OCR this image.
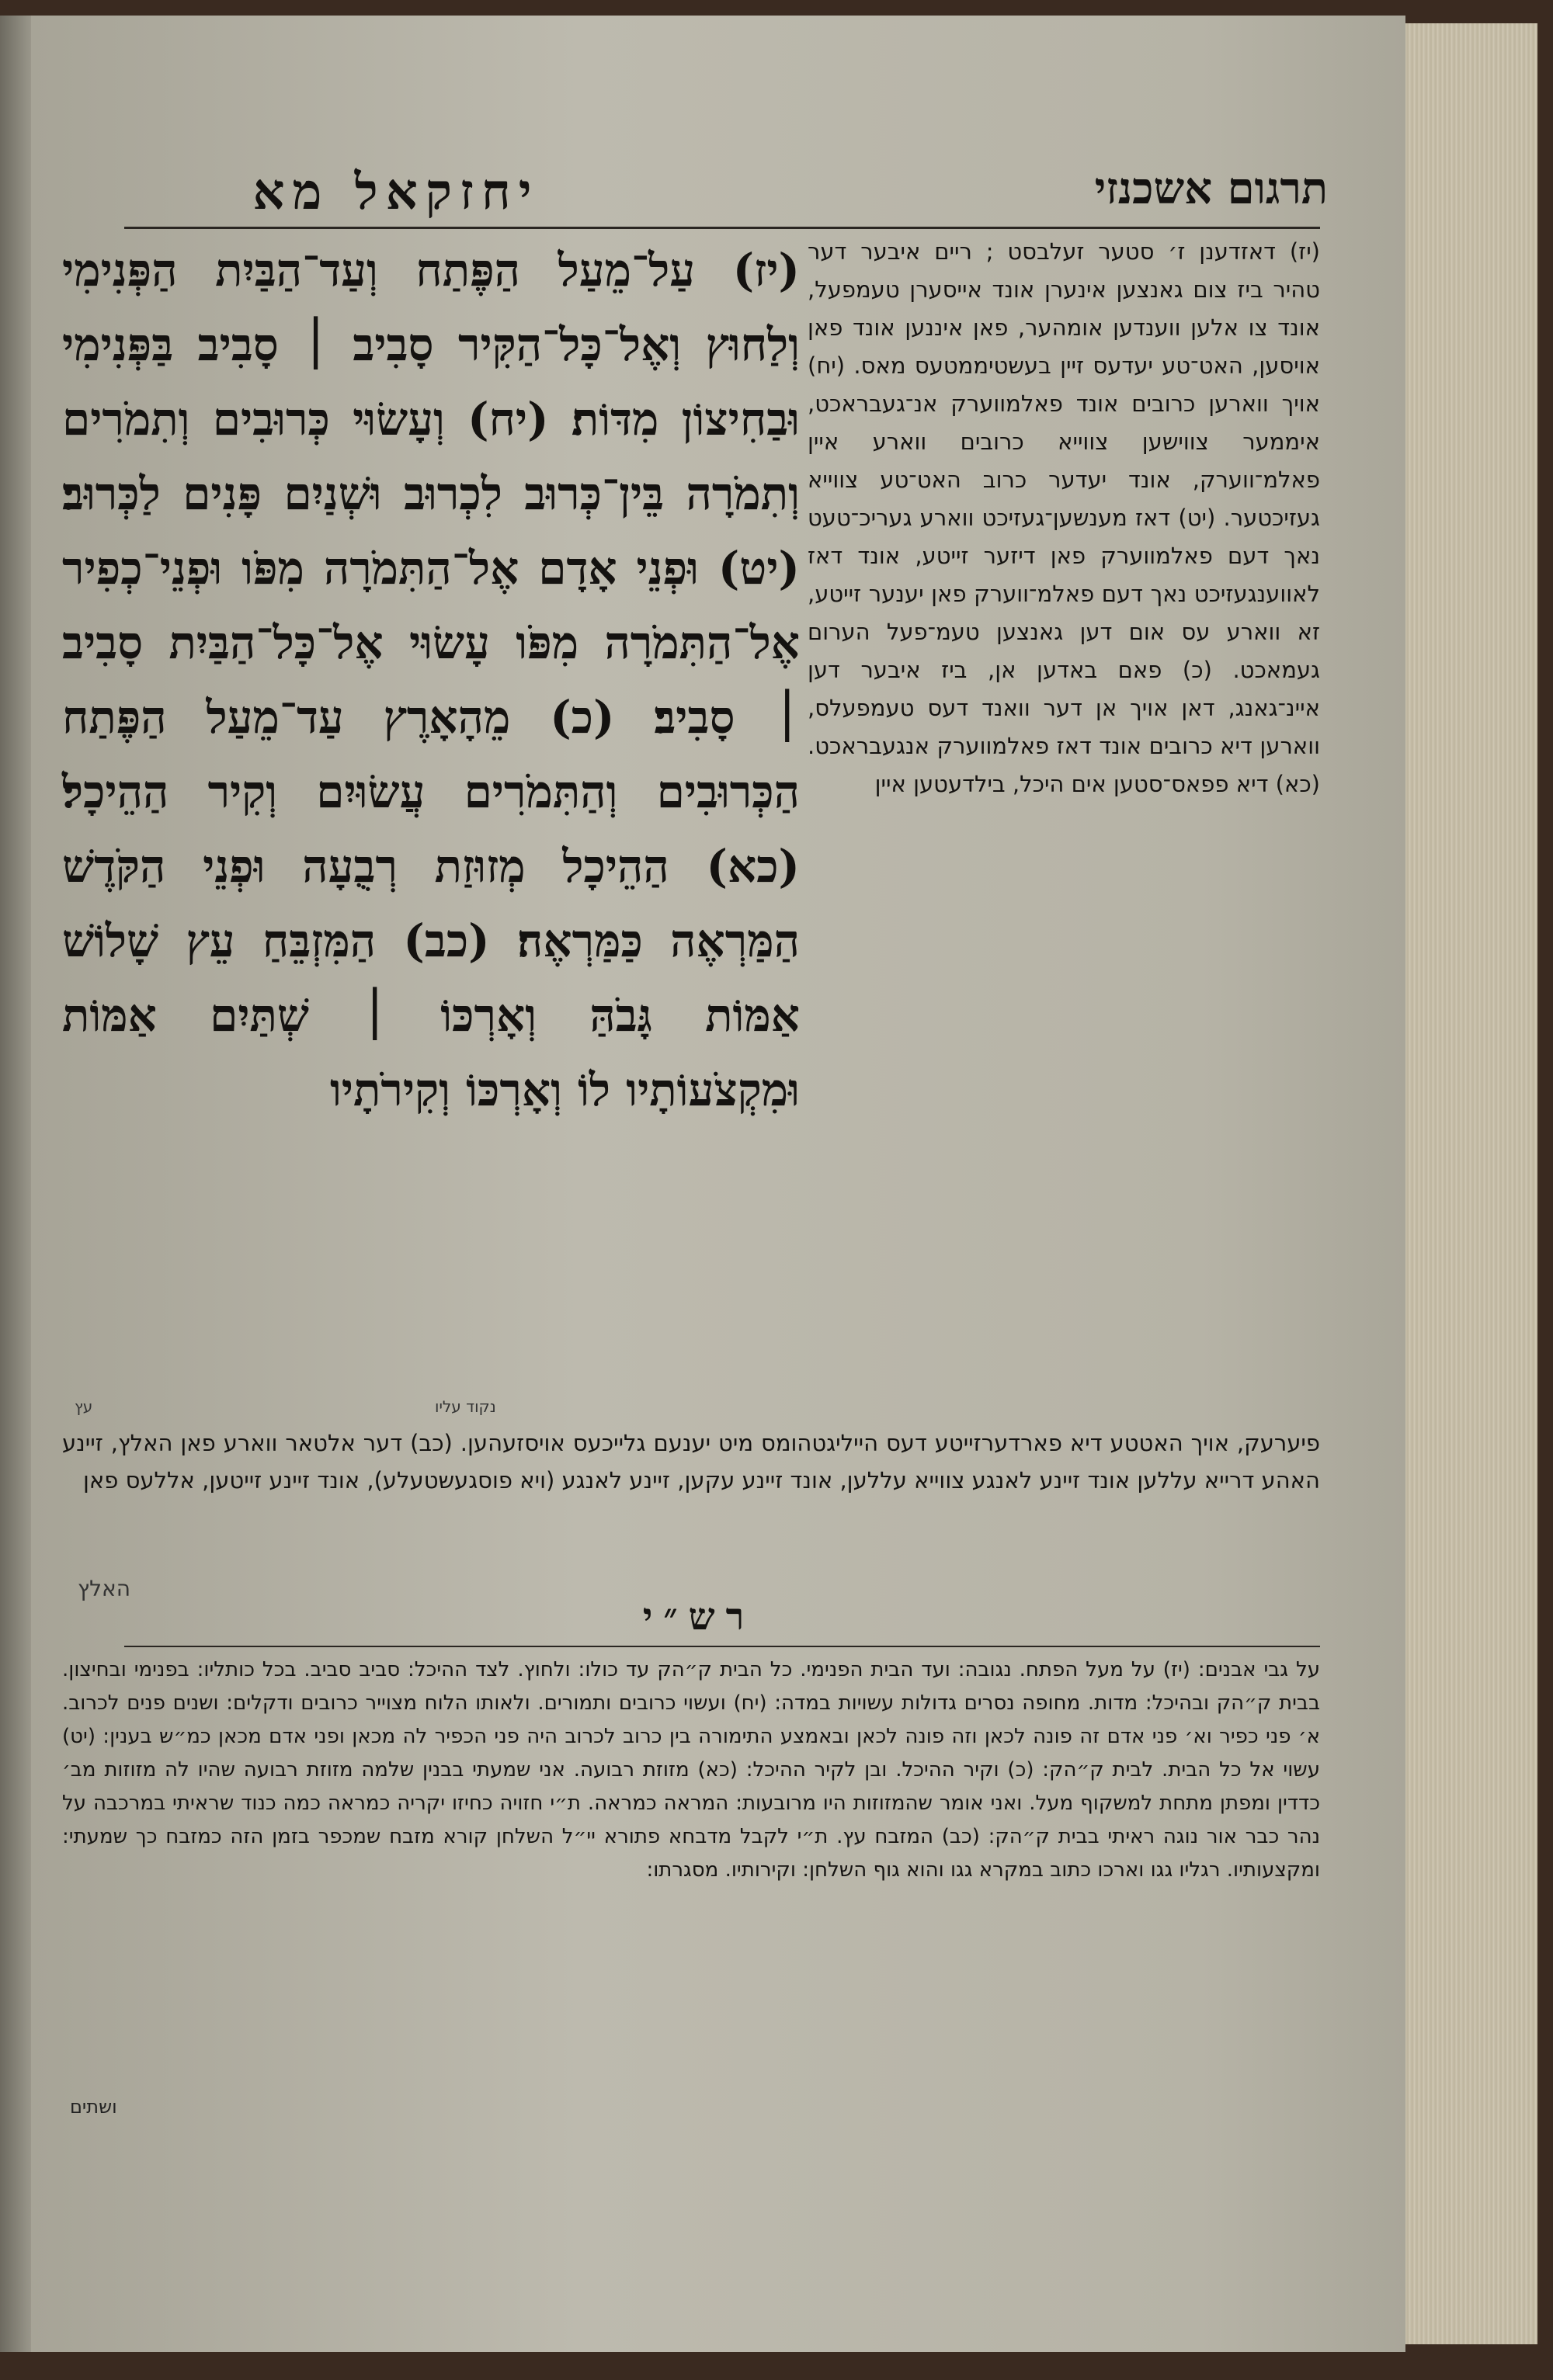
תרגום אשכנזי
יחזקאל מא
(יז) עַל־מֵעַל הַפֶּתַח וְעַד־הַבַּיִת הַפְּנִימִי וְלַחוּץ וְאֶל־כָּל־הַקִּיר סָבִיב ׀ סָבִיב בַּפְּנִימִי וּבַחִיצוֹן מִדּוֹת׃ (יח) וְעָשׂוּי כְּרוּבִים וְתִמֹרִים וְתִמֹרָה בֵּין־כְּרוּב לִכְרוּב וּשְׁנַיִם פָּנִים לַכְּרוּב׃ (יט) וּפְנֵי אָדָם אֶל־הַתִּמֹרָה מִפֹּו וּפְנֵי־כְפִיר אֶל־הַתִּמֹרָה מִפֹּו עָשׂוּי אֶל־כָּל־הַבַּיִת סָבִיב ׀ סָבִיב׃ (כ) מֵהָאָרֶץ עַד־מֵעַל הַפֶּתַח הַכְּרוּבִים וְהַתִּמֹרִים עֲשׂוּיִם וְקִיר הַהֵיכָל׃ (כא) הַהֵיכָל מְזוּזַת רְבֻעָה וּפְנֵי הַקֹּדֶשׁ הַמַּרְאֶה כַּמַּרְאֶה׃ (כב) הַמִּזְבֵּחַ עֵץ שָׁלוֹשׁ אַמּוֹת גָּבֹהַּ וְאָרְכּוֹ ׀ שְׁתַּיִם אַמּוֹת וּמִקְצֹעוֹתָיו לוֹ וְאָרְכּוֹ וְקִירֹתָיו
נקוד עליו
עץ
(יז) דאזדענן ז׳ סטער זעלבסט ; ריים איבער דער טהיר ביז צום גאנצען אינערן אונד אייסערן טעמפעל, אונד צו אלען ווענדען אומהער, פאן איננען אונד פאן אויסען, האט־טע יעדעס זיין בעשטיממטעס מאס. (יח) אויך ווארען כרובים אונד פאלמווערק אנ־געבראכט, איממער צווישען צווייא כרובים ווארע איין פאלמ־ווערק, אונד יעדער כרוב האט־טע צווייא געזיכטער. (יט) דאז מענשען־געזיכט ווארע געריכ־טעט נאך דעם פאלמווערק פאן דיזער זייטע, אונד דאז לאווענגעזיכט נאך דעם פאלמ־ווערק פאן יענער זייטע, זא ווארע עס אום דען גאנצען טעמ־פעל הערום געמאכט. (כ) פאם באדען אן, ביז איבער דען איינ־גאנג, דאן אויך אן דער וואנד דעס טעמפעלס, ווארען דיא כרובים אונד דאז פאלמווערק אנגעבראכט. (כא) דיא פפאס־סטען אים היכל, בילדעטען איין
פיערעק, אויך האטטע דיא פארדערזייטע דעס הייליגטהומס מיט יענעם גלייכעס אויסזעהען. (כב) דער אלטאר ווארע פאן האלץ, זיינע האהע דרייא עללען אונד זיינע לאנגע צווייא עללען, אונד זיינע עקען, זיינע לאנגע (ויא פוסגעשטעלע), אונד זיינע זייטען, אללעס פאן
האלץ
רש״י
על גבי אבנים: (יז) על מעל הפתח. נגובה: ועד הבית הפנימי. כל הבית ק״הק עד כולו: ולחוץ. לצד ההיכל: סביב סביב. בכל כותליו: בפנימי ובחיצון. בבית ק״הק ובהיכל: מדות. מחופה נסרים גדולות עשויות במדה: (יח) ועשוי כרובים ותמורים. ולאותו הלוח מצוייר כרובים ודקלים: ושנים פנים לכרוב. א׳ פני כפיר וא׳ פני אדם זה פונה לכאן וזה פונה לכאן ובאמצע התימורה בין כרוב לכרוב היה פני הכפיר לה מכאן ופני אדם מכאן כמ״ש בענין: (יט) עשוי אל כל הבית. לבית ק״הק: (כ) וקיר ההיכל. ובן לקיר ההיכל: (כא) מזוזת רבועה. אני שמעתי בבנין שלמה מזוזת רבועה שהיו לה מזוזות מב׳ כדדין ומפתן מתחת למשקוף מעל. ואני אומר שהמזוזות היו מרובעות: המראה כמראה. ת״י חזויה כחיזו יקריה כמראה כמה כנוד שראיתי במרכבה על נהר כבר אור נוגה ראיתי בבית ק״הק: (כב) המזבח עץ. ת״י לקבל מדבחא פתורא יי״ל השלחן קורא מזבח שמכפר בזמן הזה כמזבח כך שמעתי: ומקצעותיו. רגליו גגו וארכו כתוב במקרא גגו והוא גוף השלחן: וקירותיו. מסגרתו:
ושתים
